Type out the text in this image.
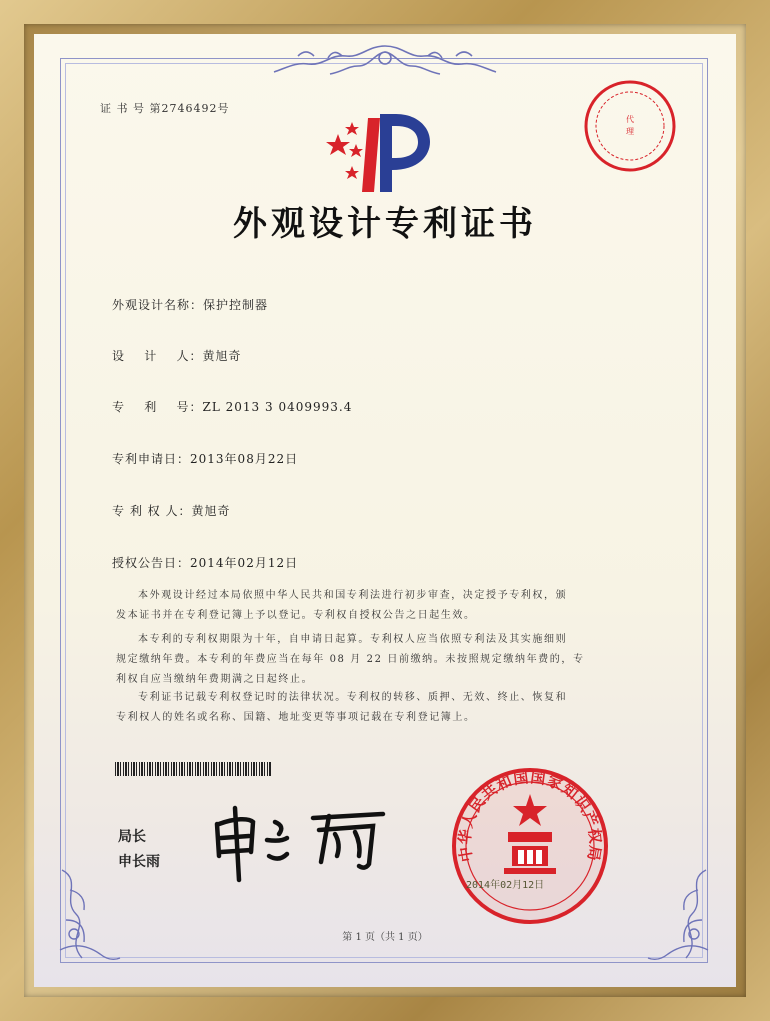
证 书 号 第2746492号
外观设计专利证书
外观设计名称：保护控制器
设    计    人：黄旭奇
专    利    号：ZL 2013 3 0409993.4
专利申请日：2013年08月22日
专 利 权 人：黄旭奇
授权公告日：2014年02月12日
本外观设计经过本局依照中华人民共和国专利法进行初步审查，决定授予专利权，颁
发本证书并在专利登记簿上予以登记。专利权自授权公告之日起生效。
本专利的专利权期限为十年，自申请日起算。专利权人应当依照专利法及其实施细则
规定缴纳年费。本专利的年费应当在每年 08 月 22 日前缴纳。未按照规定缴纳年费的，专
利权自应当缴纳年费期满之日起终止。
专利证书记载专利权登记时的法律状况。专利权的转移、质押、无效、终止、恢复和
专利权人的姓名或名称、国籍、地址变更等事项记载在专利登记簿上。
代
理
中华人民共和国国家知识产权局
2014年02月12日
局长
申长雨
第 1 页（共 1 页）
